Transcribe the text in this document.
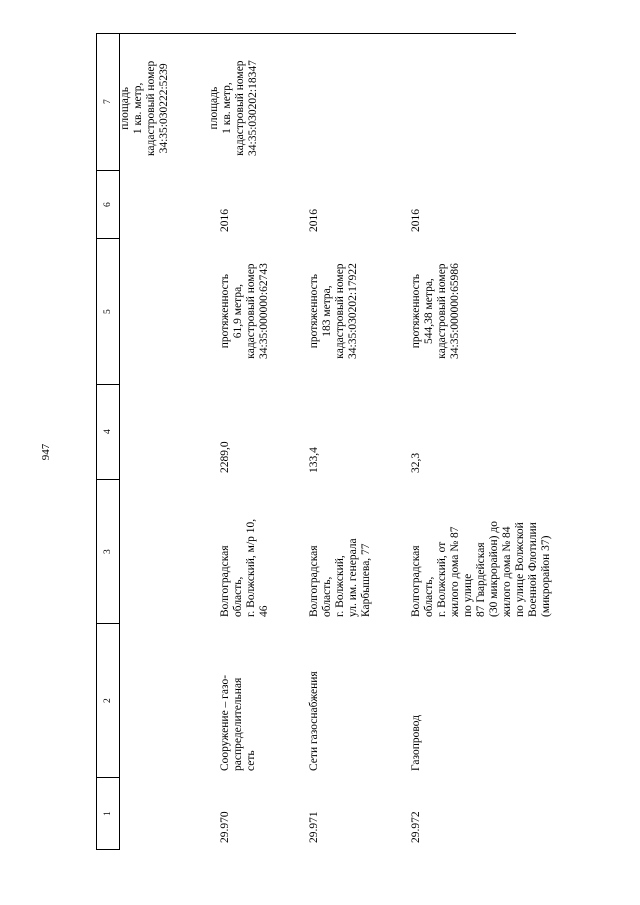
947
1
2
3
4
5
6
7
29.970
Сооружение – газо- распределительная сеть
Волгоградская область, г. Волжский, м/р 10, 46
2289,0
протяженность 61,9 метра, кадастровый номер 34:35:000000:62743
2016
площадь 1 кв. метр, кадастровый номер 34:35:030222:5239
29.971
Сети газоснабжения
Волгоградская область, г. Волжский, ул. им. генерала Карбышева, 77
133,4
протяженность 183 метра, кадастровый номер 34:35:030202:17922
2016
площадь 1 кв. метр, кадастровый номер 34:35:030202:18347
29.972
Газопровод
Волгоградская область, г. Волжский, от жилого дома № 87 по улице 87 Гвардейская (30 микрорайон) до жилого дома № 84 по улице Волжской Военной Флотилии (микрорайон 37)
32,3
протяженность 544,38 метра, кадастровый номер 34:35:000000:65986
2016
